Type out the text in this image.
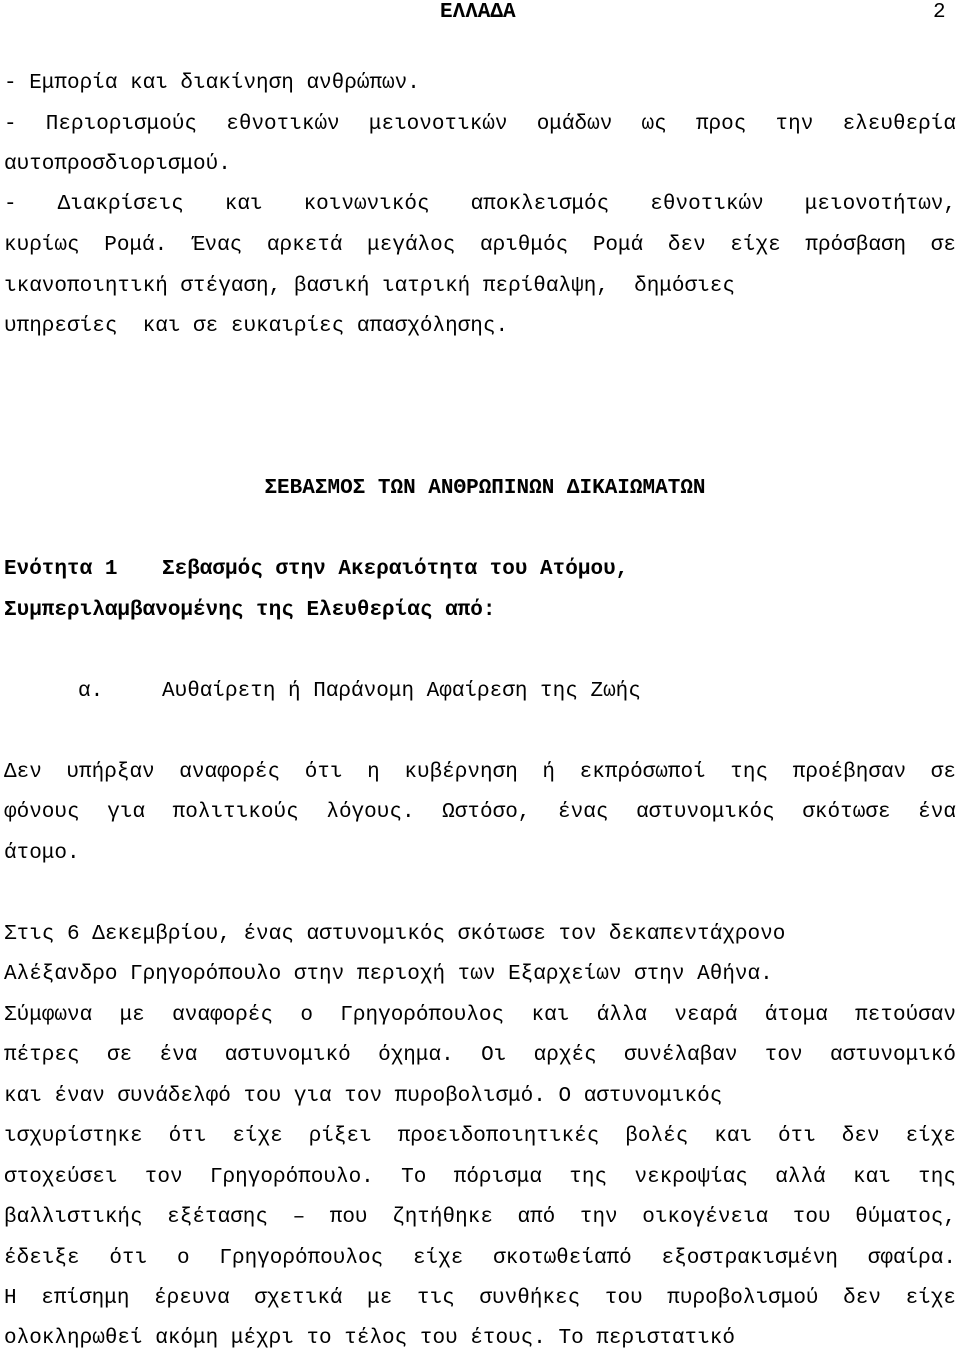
ΕΛΛΑΔΑ	2
- Εμπορία και διακίνηση ανθρώπων.
- Περιορισμούς εθνοτικών μειονοτικών ομάδων ως προς την ελευθερία
αυτοπροσδιορισμού.
- Διακρίσεις και κοινωνικός αποκλεισμός εθνοτικών μειονοτήτων,
κυρίως Ρομά. Ένας αρκετά μεγάλος αριθμός Ρομά δεν είχε πρόσβαση σε
ικανοποιητική στέγαση, βασική ιατρική περίθαλψη,  δημόσιες
υπηρεσίες  και σε ευκαιρίες απασχόλησης.
ΣΕΒΑΣΜΟΣ ΤΩΝ ΑΝΘΡΩΠΙΝΩΝ ΔΙΚΑΙΩΜΑΤΩΝ
Ενότητα 1 Σεβασμός στην Ακεραιότητα του Ατόμου,
Συμπεριλαμβανομένης της Ελευθερίας από:
α.	Αυθαίρετη ή Παράνομη Αφαίρεση της Ζωής
Δεν υπήρξαν αναφορές ότι η κυβέρνηση ή εκπρόσωποί της προέβησαν σε
φόνους για πολιτικούς λόγους. Ωστόσο, ένας αστυνομικός σκότωσε ένα
άτομο.
Στις 6 Δεκεμβρίου, ένας αστυνομικός σκότωσε τον δεκαπεντάχρονο
Αλέξανδρο Γρηγορόπουλο στην περιοχή των Εξαρχείων στην Αθήνα.
Σύμφωνα με αναφορές ο Γρηγορόπουλος και άλλα νεαρά άτομα πετούσαν
πέτρες σε ένα αστυνομικό όχημα. Οι αρχές συνέλαβαν τον αστυνομικό
και έναν συνάδελφό του για τον πυροβολισμό. Ο αστυνομικός
ισχυρίστηκε ότι είχε ρίξει προειδοποιητικές βολές και ότι δεν είχε
στοχεύσει τον Γρηγορόπουλο. Το πόρισμα της νεκροψίας αλλά και της
βαλλιστικής εξέτασης – που ζητήθηκε από την οικογένεια του θύματος,
έδειξε ότι ο Γρηγορόπουλος είχε σκοτωθείαπό εξοστρακισμένη σφαίρα.
Η επίσημη έρευνα σχετικά με τις συνθήκες του πυροβολισμού δεν είχε
ολοκληρωθεί ακόμη μέχρι το τέλος του έτους. Το περιστατικό
